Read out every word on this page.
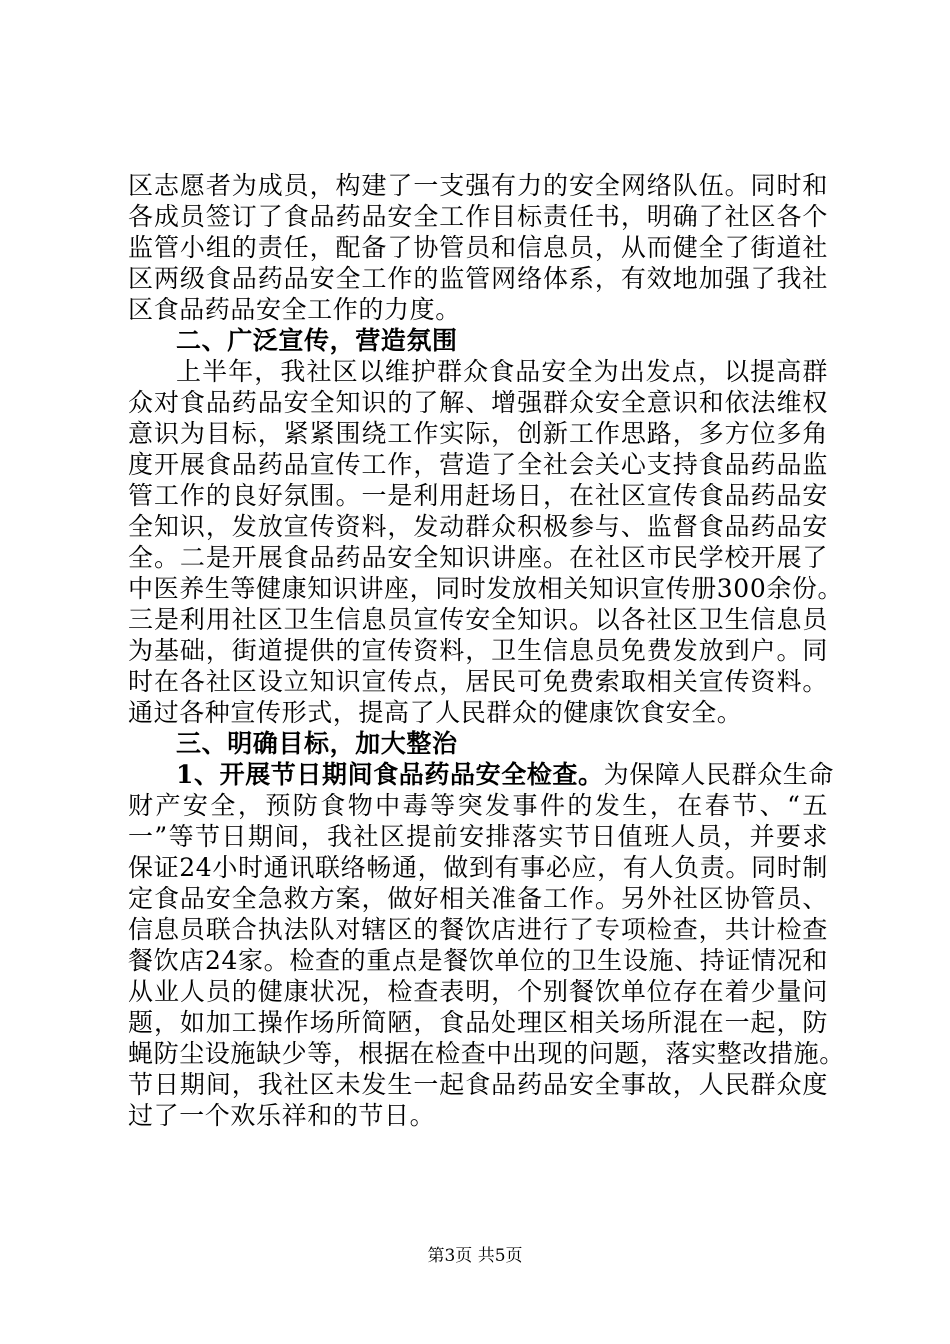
区志愿者为成员，构建了一支强有力的安全网络队伍。同时和
各成员签订了食品药品安全工作目标责任书，明确了社区各个
监管小组的责任，配备了协管员和信息员，从而健全了街道社
区两级食品药品安全工作的监管网络体系，有效地加强了我社
区食品药品安全工作的力度。
二、广泛宣传，营造氛围
上半年，我社区以维护群众食品安全为出发点，以提高群
众对食品药品安全知识的了解、增强群众安全意识和依法维权
意识为目标，紧紧围绕工作实际，创新工作思路，多方位多角
度开展食品药品宣传工作，营造了全社会关心支持食品药品监
管工作的良好氛围。一是利用赶场日，在社区宣传食品药品安
全知识，发放宣传资料，发动群众积极参与、监督食品药品安
全。二是开展食品药品安全知识讲座。在社区市民学校开展了
中医养生等健康知识讲座，同时发放相关知识宣传册300余份。
三是利用社区卫生信息员宣传安全知识。以各社区卫生信息员
为基础，街道提供的宣传资料，卫生信息员免费发放到户。同
时在各社区设立知识宣传点，居民可免费索取相关宣传资料。
通过各种宣传形式，提高了人民群众的健康饮食安全。
三、明确目标，加大整治
1、开展节日期间食品药品安全检查。为保障人民群众生命
财产安全，预防食物中毒等突发事件的发生，在春节、“五
一”等节日期间，我社区提前安排落实节日值班人员，并要求
保证24小时通讯联络畅通，做到有事必应，有人负责。同时制
定食品安全急救方案，做好相关准备工作。另外社区协管员、
信息员联合执法队对辖区的餐饮店进行了专项检查，共计检查
餐饮店24家。检查的重点是餐饮单位的卫生设施、持证情况和
从业人员的健康状况，检查表明，个别餐饮单位存在着少量问
题，如加工操作场所简陋，食品处理区相关场所混在一起，防
蝇防尘设施缺少等，根据在检查中出现的问题，落实整改措施。
节日期间，我社区未发生一起食品药品安全事故，人民群众度
过了一个欢乐祥和的节日。
第3页 共5页
